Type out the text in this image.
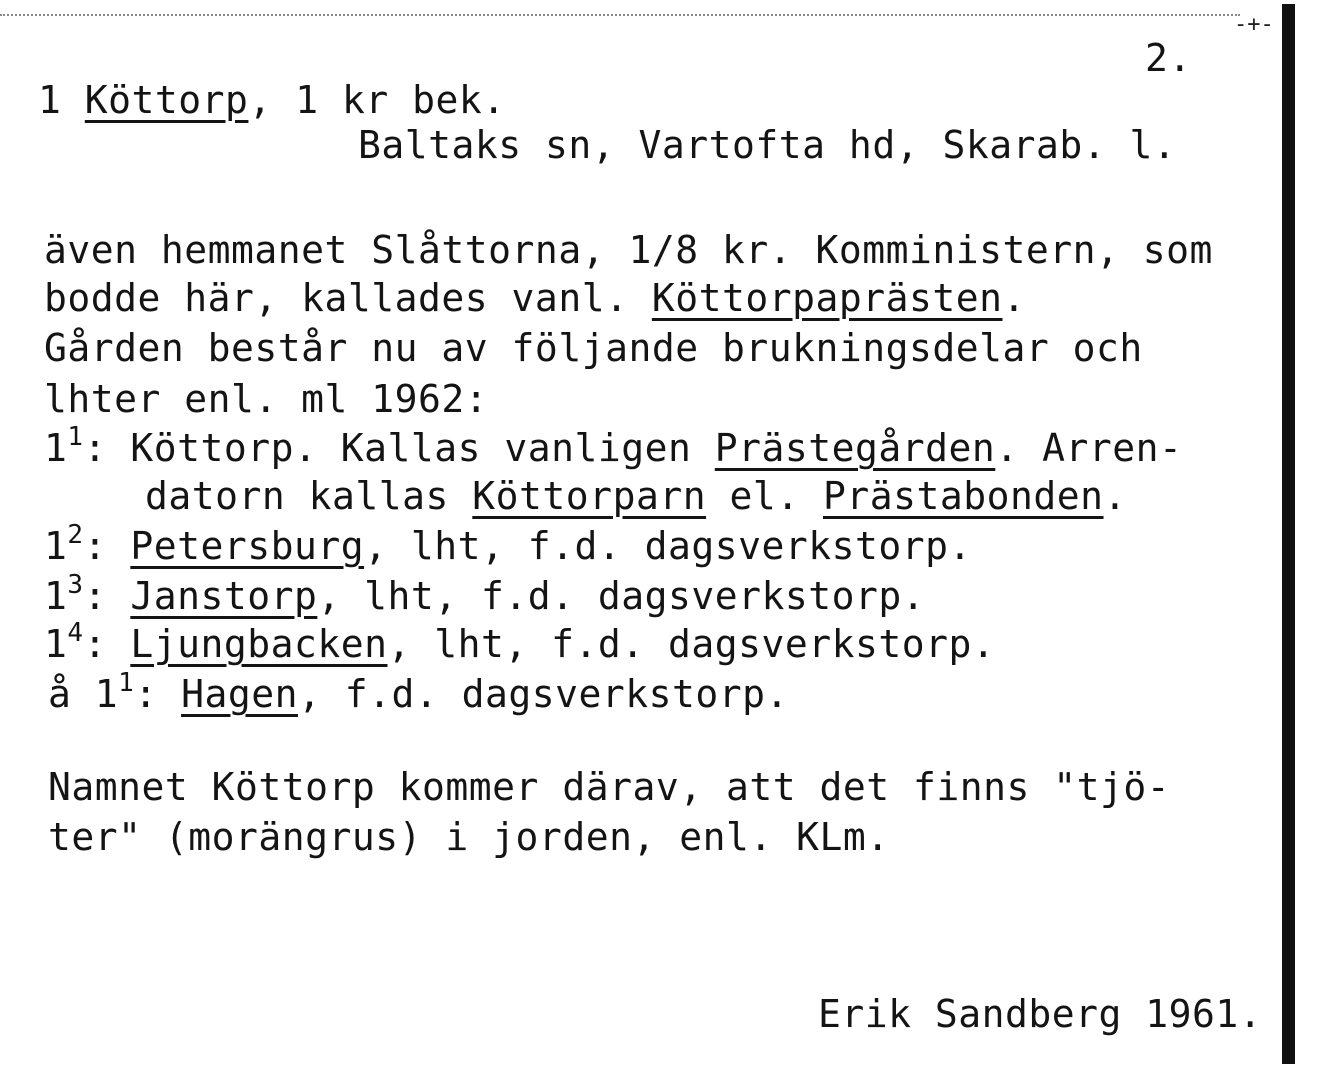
-+-
2.
1 Köttorp, 1 kr bek.
Baltaks sn, Vartofta hd, Skarab. l.
även hemmanet Slåttorna, 1/8 kr. Komministern, som
bodde här, kallades vanl. Köttorpaprästen.
Gården består nu av följande brukningsdelar och
lhter enl. ml 1962:
$1^1$: Köttorp. Kallas vanligen Prästegården. Arren-
datorn kallas Köttorparn el. Prästabonden.
$1^2$: Petersburg, lht, f.d. dagsverkstorp.
$1^3$: Janstorp, lht, f.d. dagsverkstorp.
$1^4$: Ljungbacken, lht, f.d. dagsverkstorp.
å $1^1$: Hagen, f.d. dagsverkstorp.
Namnet Köttorp kommer därav, att det finns "tjö-
ter" (morängrus) i jorden, enl. KLm.
Erik Sandberg 1961.
